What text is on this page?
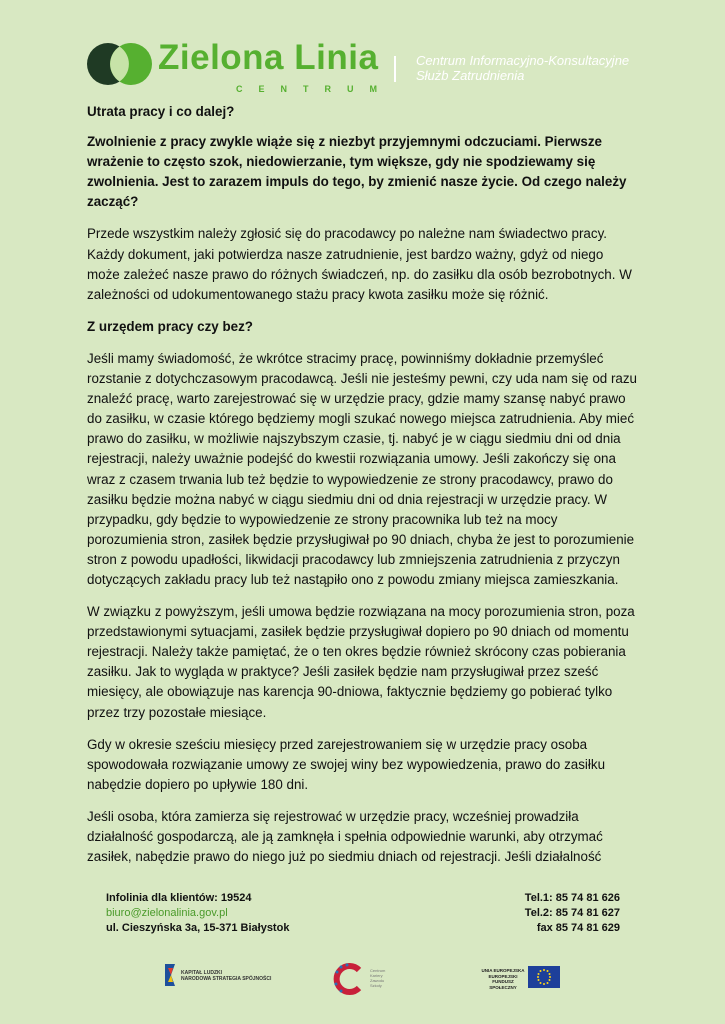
Zielona Linia
CENTRUM
Centrum Informacyjno-Konsultacyjne
Służb Zatrudnienia

Utrata pracy i co dalej?

Zwolnienie z pracy zwykle wiąże się z niezbyt przyjemnymi odczuciami. Pierwsze wrażenie to często szok, niedowierzanie, tym większe, gdy nie spodziewamy się zwolnienia. Jest to zarazem impuls do tego, by zmienić nasze życie. Od czego należy zacząć?

Przede wszystkim należy zgłosić się do pracodawcy po należne nam świadectwo pracy. Każdy dokument, jaki potwierdza nasze zatrudnienie, jest bardzo ważny, gdyż od niego może zależeć nasze prawo do różnych świadczeń, np. do zasiłku dla osób bezrobotnych. W zależności od udokumentowanego stażu pracy kwota zasiłku może się różnić.

Z urzędem pracy czy bez?

Jeśli mamy świadomość, że wkrótce stracimy pracę, powinniśmy dokładnie przemyśleć rozstanie z dotychczasowym pracodawcą. Jeśli nie jesteśmy pewni, czy uda nam się od razu znaleźć pracę, warto zarejestrować się w urzędzie pracy, gdzie mamy szansę nabyć prawo do zasiłku, w czasie którego będziemy mogli szukać nowego miejsca zatrudnienia. Aby mieć prawo do zasiłku, w możliwie najszybszym czasie, tj. nabyć je w ciągu siedmiu dni od dnia rejestracji, należy uważnie podejść do kwestii rozwiązania umowy. Jeśli zakończy się ona wraz z czasem trwania lub też będzie to wypowiedzenie ze strony pracodawcy, prawo do zasiłku będzie można nabyć w ciągu siedmiu dni od dnia rejestracji w urzędzie pracy. W przypadku, gdy będzie to wypowiedzenie ze strony pracownika lub też na mocy porozumienia stron, zasiłek będzie przysługiwał po 90 dniach, chyba że jest to porozumienie stron z powodu upadłości, likwidacji pracodawcy lub zmniejszenia zatrudnienia z przyczyn dotyczących zakładu pracy lub też nastąpiło ono z powodu zmiany miejsca zamieszkania.

W związku z powyższym, jeśli umowa będzie rozwiązana na mocy porozumienia stron, poza przedstawionymi sytuacjami, zasiłek będzie przysługiwał dopiero po 90 dniach od momentu rejestracji. Należy także pamiętać, że o ten okres będzie również skrócony czas pobierania zasiłku. Jak to wygląda w praktyce? Jeśli zasiłek będzie nam przysługiwał przez sześć miesięcy, ale obowiązuje nas karencja 90-dniowa, faktycznie będziemy go pobierać tylko przez trzy pozostałe miesiące.

Gdy w okresie sześciu miesięcy przed zarejestrowaniem się w urzędzie pracy osoba spowodowała rozwiązanie umowy ze swojej winy bez wypowiedzenia, prawo do zasiłku nabędzie dopiero po upływie 180 dni.

Jeśli osoba, która zamierza się rejestrować w urzędzie pracy, wcześniej prowadziła działalność gospodarczą, ale ją zamknęła i spełnia odpowiednie warunki, aby otrzymać zasiłek, nabędzie prawo do niego już po siedmiu dniach od rejestracji. Jeśli działalność

Infolinia dla klientów: 19524
biuro@zielonalinia.gov.pl
ul. Cieszyńska 3a, 15-371 Białystok
Tel.1: 85 74 81 626
Tel.2: 85 74 81 627
fax 85 74 81 629
KAPITAŁ LUDZKI
NARODOWA STRATEGIA SPÓJNOŚCI
Centrum
Kariery
Zawodu
Szkoły
UNIA EUROPEJSKA
EUROPEJSKI
FUNDUSZ SPOŁECZNY
